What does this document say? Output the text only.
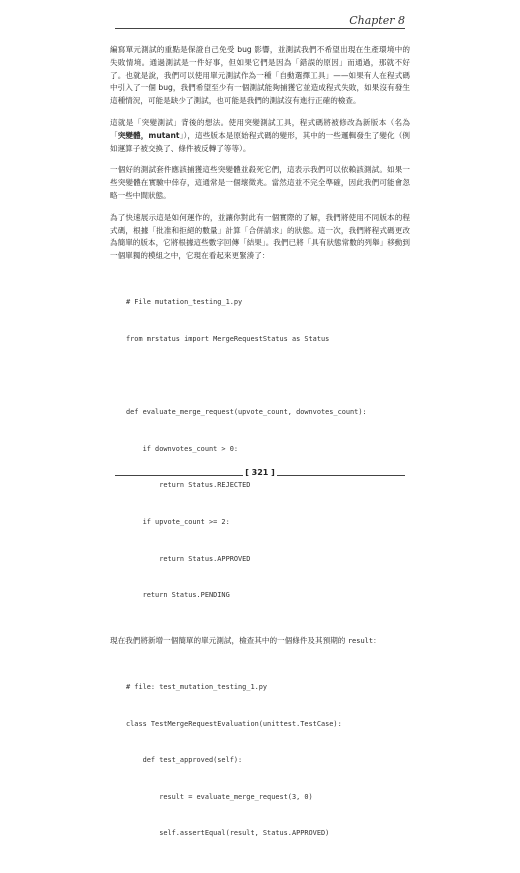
Chapter 8

編寫單元測試的重點是保證自己免受 bug 影響，並測試我們不希望出現在生產環境中的失敗情境。通過測試是一件好事，但如果它們是因為「錯誤的原因」而通過，那就不好了。也就是說，我們可以使用單元測試作為一種「自動選擇工具」——如果有人在程式碼中引入了一個 bug，我們希望至少有一個測試能夠捕獲它並造成程式失敗，如果沒有發生這種情況，可能是缺少了測試，也可能是我們的測試沒有進行正確的檢查。

這就是「突變測試」背後的想法。使用突變測試工具，程式碼將被修改為新版本（名為「突變體，mutant」），這些版本是原始程式碼的變形，其中的一些邏輯發生了變化（例如運算子被交換了、條件被反轉了等等）。

一個好的測試套件應該捕獲這些突變體並殺死它們，這表示我們可以依賴該測試。如果一些突變體在實驗中倖存，這通常是一個壞徵兆。當然這並不完全準確，因此我們可能會忽略一些中間狀態。

為了快速展示這是如何運作的，並讓你對此有一個實際的了解，我們將使用不同版本的程式碼，根據「批准和拒絕的數量」計算「合併請求」的狀態。這一次，我們將程式碼更改為簡單的版本，它將根據這些數字回傳「結果」。我們已將「具有狀態常數的列舉」移動到一個單獨的模組之中，它現在看起來更緊湊了：

# File mutation_testing_1.py

from mrstatus import MergeRequestStatus as Status

def evaluate_merge_request(upvote_count, downvotes_count):

if downvotes_count > 0:

return Status.REJECTED

if upvote_count >= 2:

return Status.APPROVED

return Status.PENDING

現在我們將新增一個簡單的單元測試，檢查其中的一個條件及其預期的 result：

# file: test_mutation_testing_1.py

class TestMergeRequestEvaluation(unittest.TestCase):

def test_approved(self):

result = evaluate_merge_request(3, 0)

self.assertEqual(result, Status.APPROVED)

[ 321 ]
